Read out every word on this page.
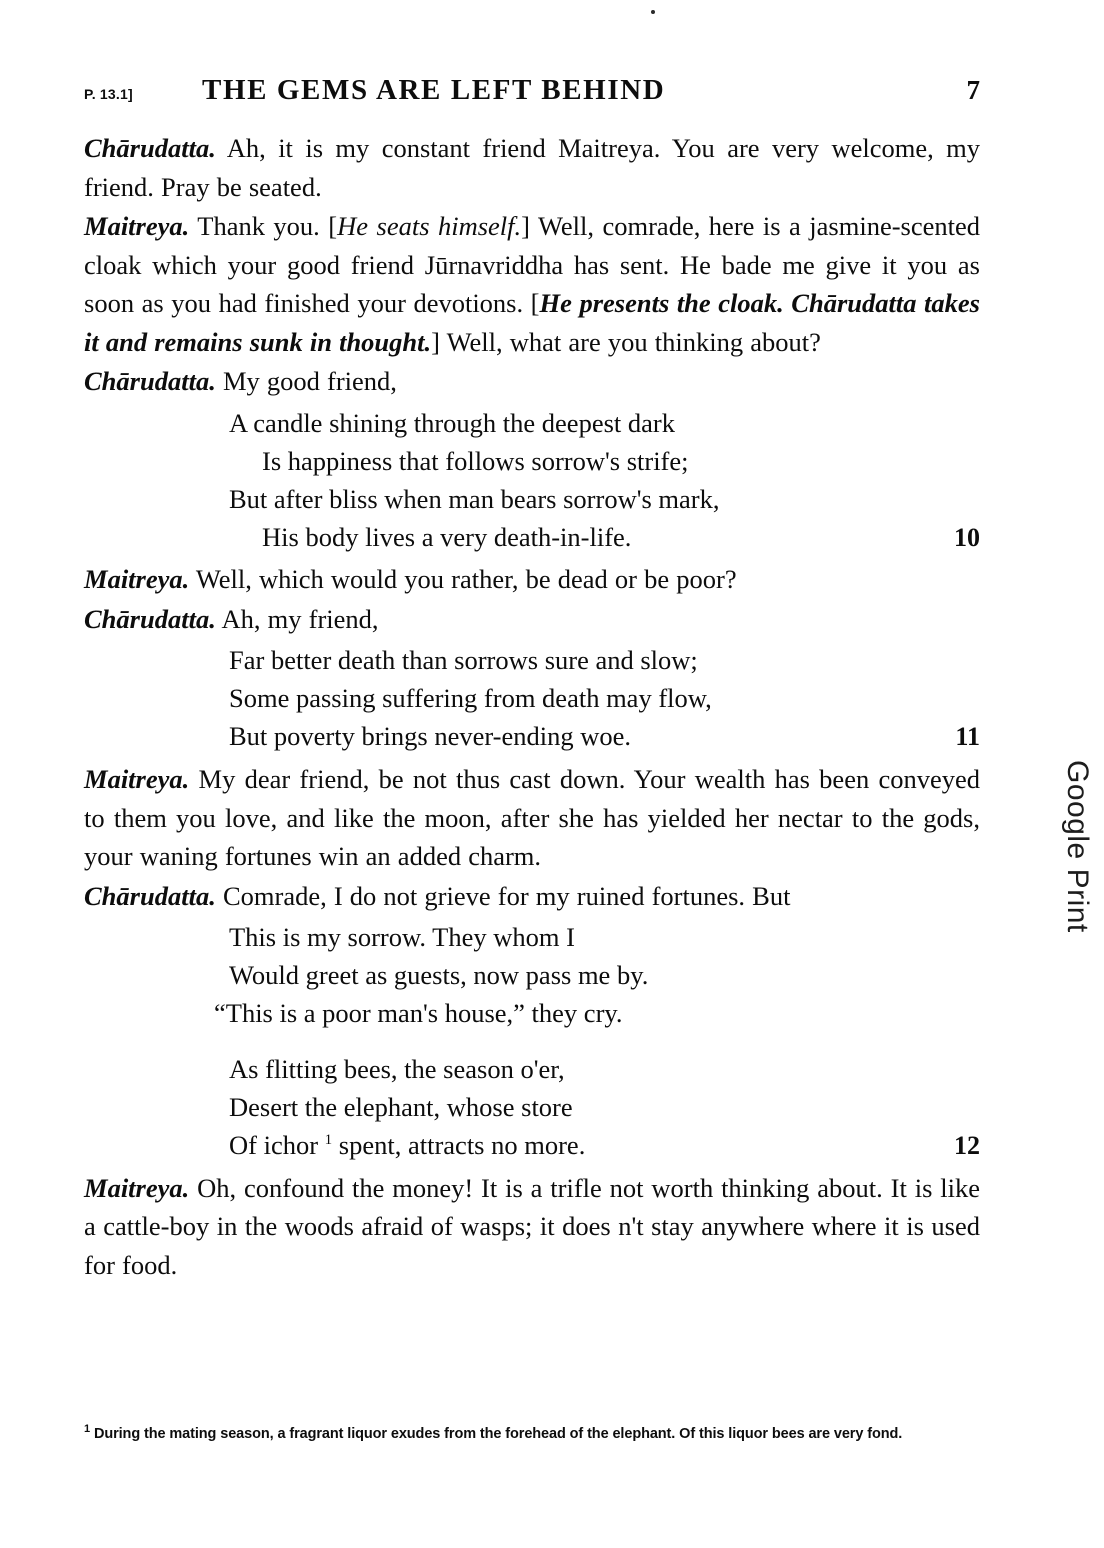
Google Print
P. 13.1]	THE GEMS ARE LEFT BEHIND	7

Chārudatta. Ah, it is my constant friend Maitreya. You are very welcome, my friend. Pray be seated.

Maitreya. Thank you. [He seats himself.] Well, comrade, here is a jasmine-scented cloak which your good friend Jūrnavriddha has sent. He bade me give it you as soon as you had finished your devotions. [He presents the cloak. Chārudatta takes it and remains sunk in thought.] Well, what are you thinking about?

Chārudatta. My good friend,

A candle shining through the deepest dark
Is happiness that follows sorrow's strife;
But after bliss when man bears sorrow's mark,
His body lives a very death-in-life.	10

Maitreya. Well, which would you rather, be dead or be poor?

Chārudatta. Ah, my friend,

Far better death than sorrows sure and slow;
Some passing suffering from death may flow,
But poverty brings never-ending woe.	11

Maitreya. My dear friend, be not thus cast down. Your wealth has been conveyed to them you love, and like the moon, after she has yielded her nectar to the gods, your waning fortunes win an added charm.

Chārudatta. Comrade, I do not grieve for my ruined fortunes. But

This is my sorrow. They whom I
Would greet as guests, now pass me by.
“This is a poor man's house,” they cry.
As flitting bees, the season o'er,
Desert the elephant, whose store
Of ichor $^1$ spent, attracts no more.	12

Maitreya. Oh, confound the money! It is a trifle not worth thinking about. It is like a cattle-boy in the woods afraid of wasps; it does n't stay anywhere where it is used for food.

$^1$ During the mating season, a fragrant liquor exudes from the forehead of the elephant. Of this liquor bees are very fond.
